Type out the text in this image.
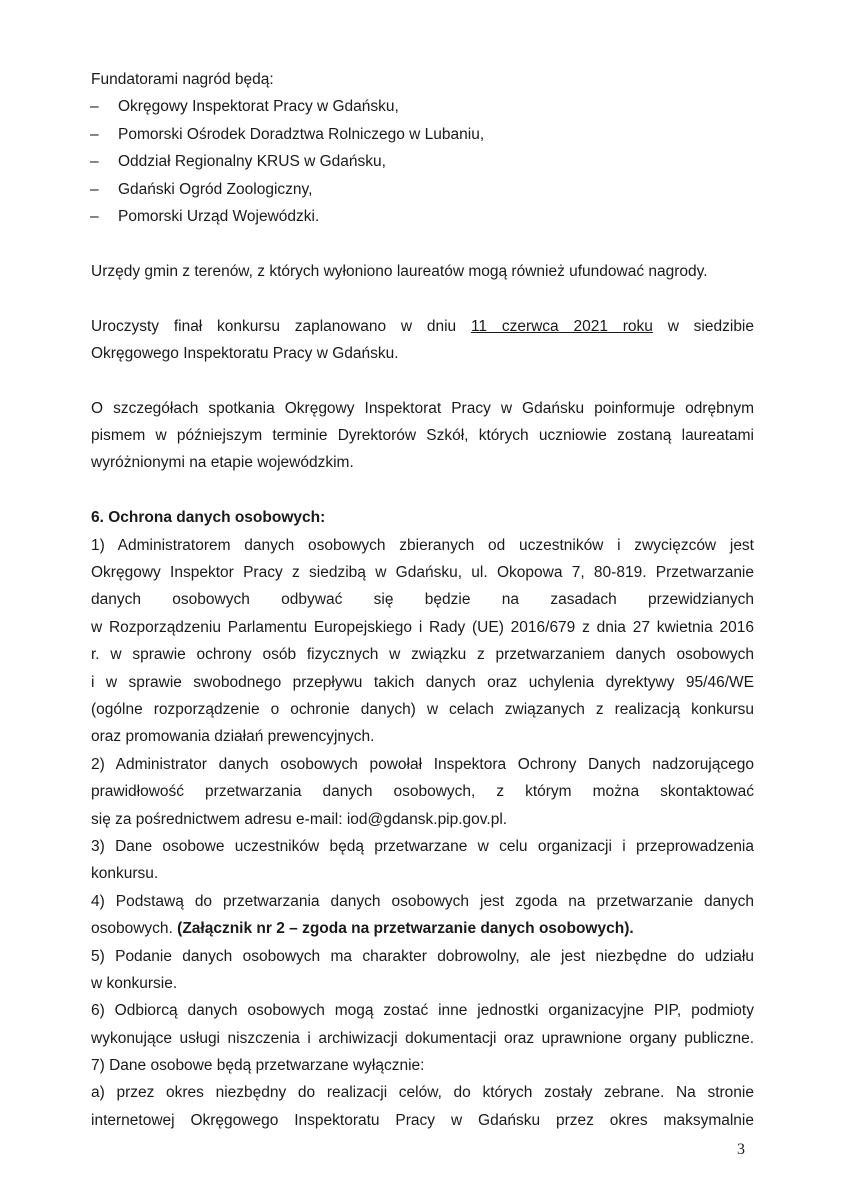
Fundatorami nagród będą:
– Okręgowy Inspektorat Pracy w Gdańsku,
– Pomorski Ośrodek Doradztwa Rolniczego w Lubaniu,
– Oddział Regionalny KRUS w Gdańsku,
– Gdański Ogród Zoologiczny,
– Pomorski Urząd Wojewódzki.
Urzędy gmin z terenów, z których wyłoniono laureatów mogą również ufundować nagrody.
Uroczysty finał konkursu zaplanowano w dniu 11 czerwca 2021 roku w siedzibie
Okręgowego Inspektoratu Pracy w Gdańsku.
O szczegółach spotkania Okręgowy Inspektorat Pracy w Gdańsku poinformuje odrębnym
pismem w późniejszym terminie Dyrektorów Szkół, których uczniowie zostaną laureatami
wyróżnionymi na etapie wojewódzkim.
6. Ochrona danych osobowych:
1) Administratorem danych osobowych zbieranych od uczestników i zwycięzców jest
Okręgowy Inspektor Pracy z siedzibą w Gdańsku, ul. Okopowa 7, 80-819. Przetwarzanie
danych osobowych odbywać się będzie na zasadach przewidzianych
w Rozporządzeniu Parlamentu Europejskiego i Rady (UE) 2016/679 z dnia 27 kwietnia 2016
r. w sprawie ochrony osób fizycznych w związku z przetwarzaniem danych osobowych
i w sprawie swobodnego przepływu takich danych oraz uchylenia dyrektywy 95/46/WE
(ogólne rozporządzenie o ochronie danych) w celach związanych z realizacją konkursu
oraz promowania działań prewencyjnych.
2) Administrator danych osobowych powołał Inspektora Ochrony Danych nadzorującego
prawidłowość przetwarzania danych osobowych, z którym można skontaktować
się za pośrednictwem adresu e-mail: iod@gdansk.pip.gov.pl.
3) Dane osobowe uczestników będą przetwarzane w celu organizacji i przeprowadzenia
konkursu.
4) Podstawą do przetwarzania danych osobowych jest zgoda na przetwarzanie danych
osobowych. (Załącznik nr 2 – zgoda na przetwarzanie danych osobowych).
5) Podanie danych osobowych ma charakter dobrowolny, ale jest niezbędne do udziału
w konkursie.
6) Odbiorcą danych osobowych mogą zostać inne jednostki organizacyjne PIP, podmioty
wykonujące usługi niszczenia i archiwizacji dokumentacji oraz uprawnione organy publiczne.
7) Dane osobowe będą przetwarzane wyłącznie:
a) przez okres niezbędny do realizacji celów, do których zostały zebrane. Na stronie
internetowej Okręgowego Inspektoratu Pracy w Gdańsku przez okres maksymalnie
3
